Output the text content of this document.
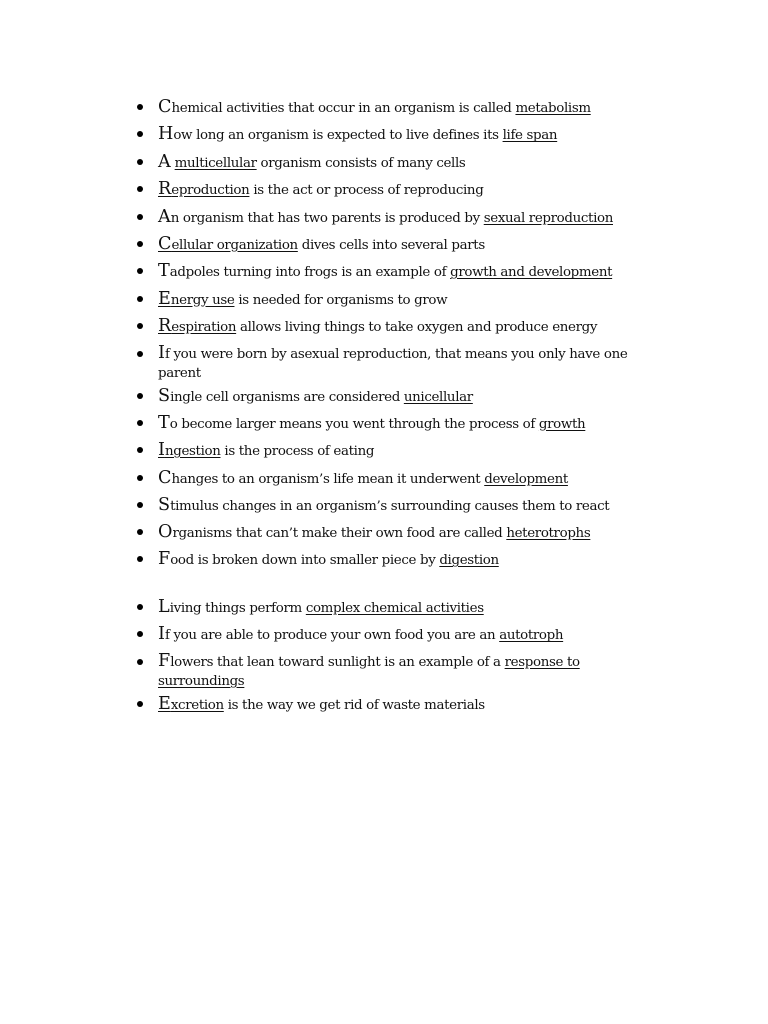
Chemical activities that occur in an organism is called metabolism
How long an organism is expected to live defines its life span
A multicellular organism consists of many cells
Reproduction is the act or process of reproducing
An organism that has two parents is produced by sexual reproduction
Cellular organization dives cells into several parts
Tadpoles turning into frogs is an example of growth and development
Energy use is needed for organisms to grow
Respiration allows living things to take oxygen and produce energy
If you were born by asexual reproduction, that means you only have one parent
Single cell organisms are considered unicellular
To become larger means you went through the process of growth
Ingestion is the process of eating
Changes to an organism’s life mean it underwent development
Stimulus changes in an organism’s surrounding causes them to react
Organisms that can’t make their own food are called heterotrophs
Food is broken down into smaller piece by digestion
Living things perform complex chemical activities
If you are able to produce your own food you are an autotroph
Flowers that lean toward sunlight is an example of a response to surroundings
Excretion is the way we get rid of waste materials
